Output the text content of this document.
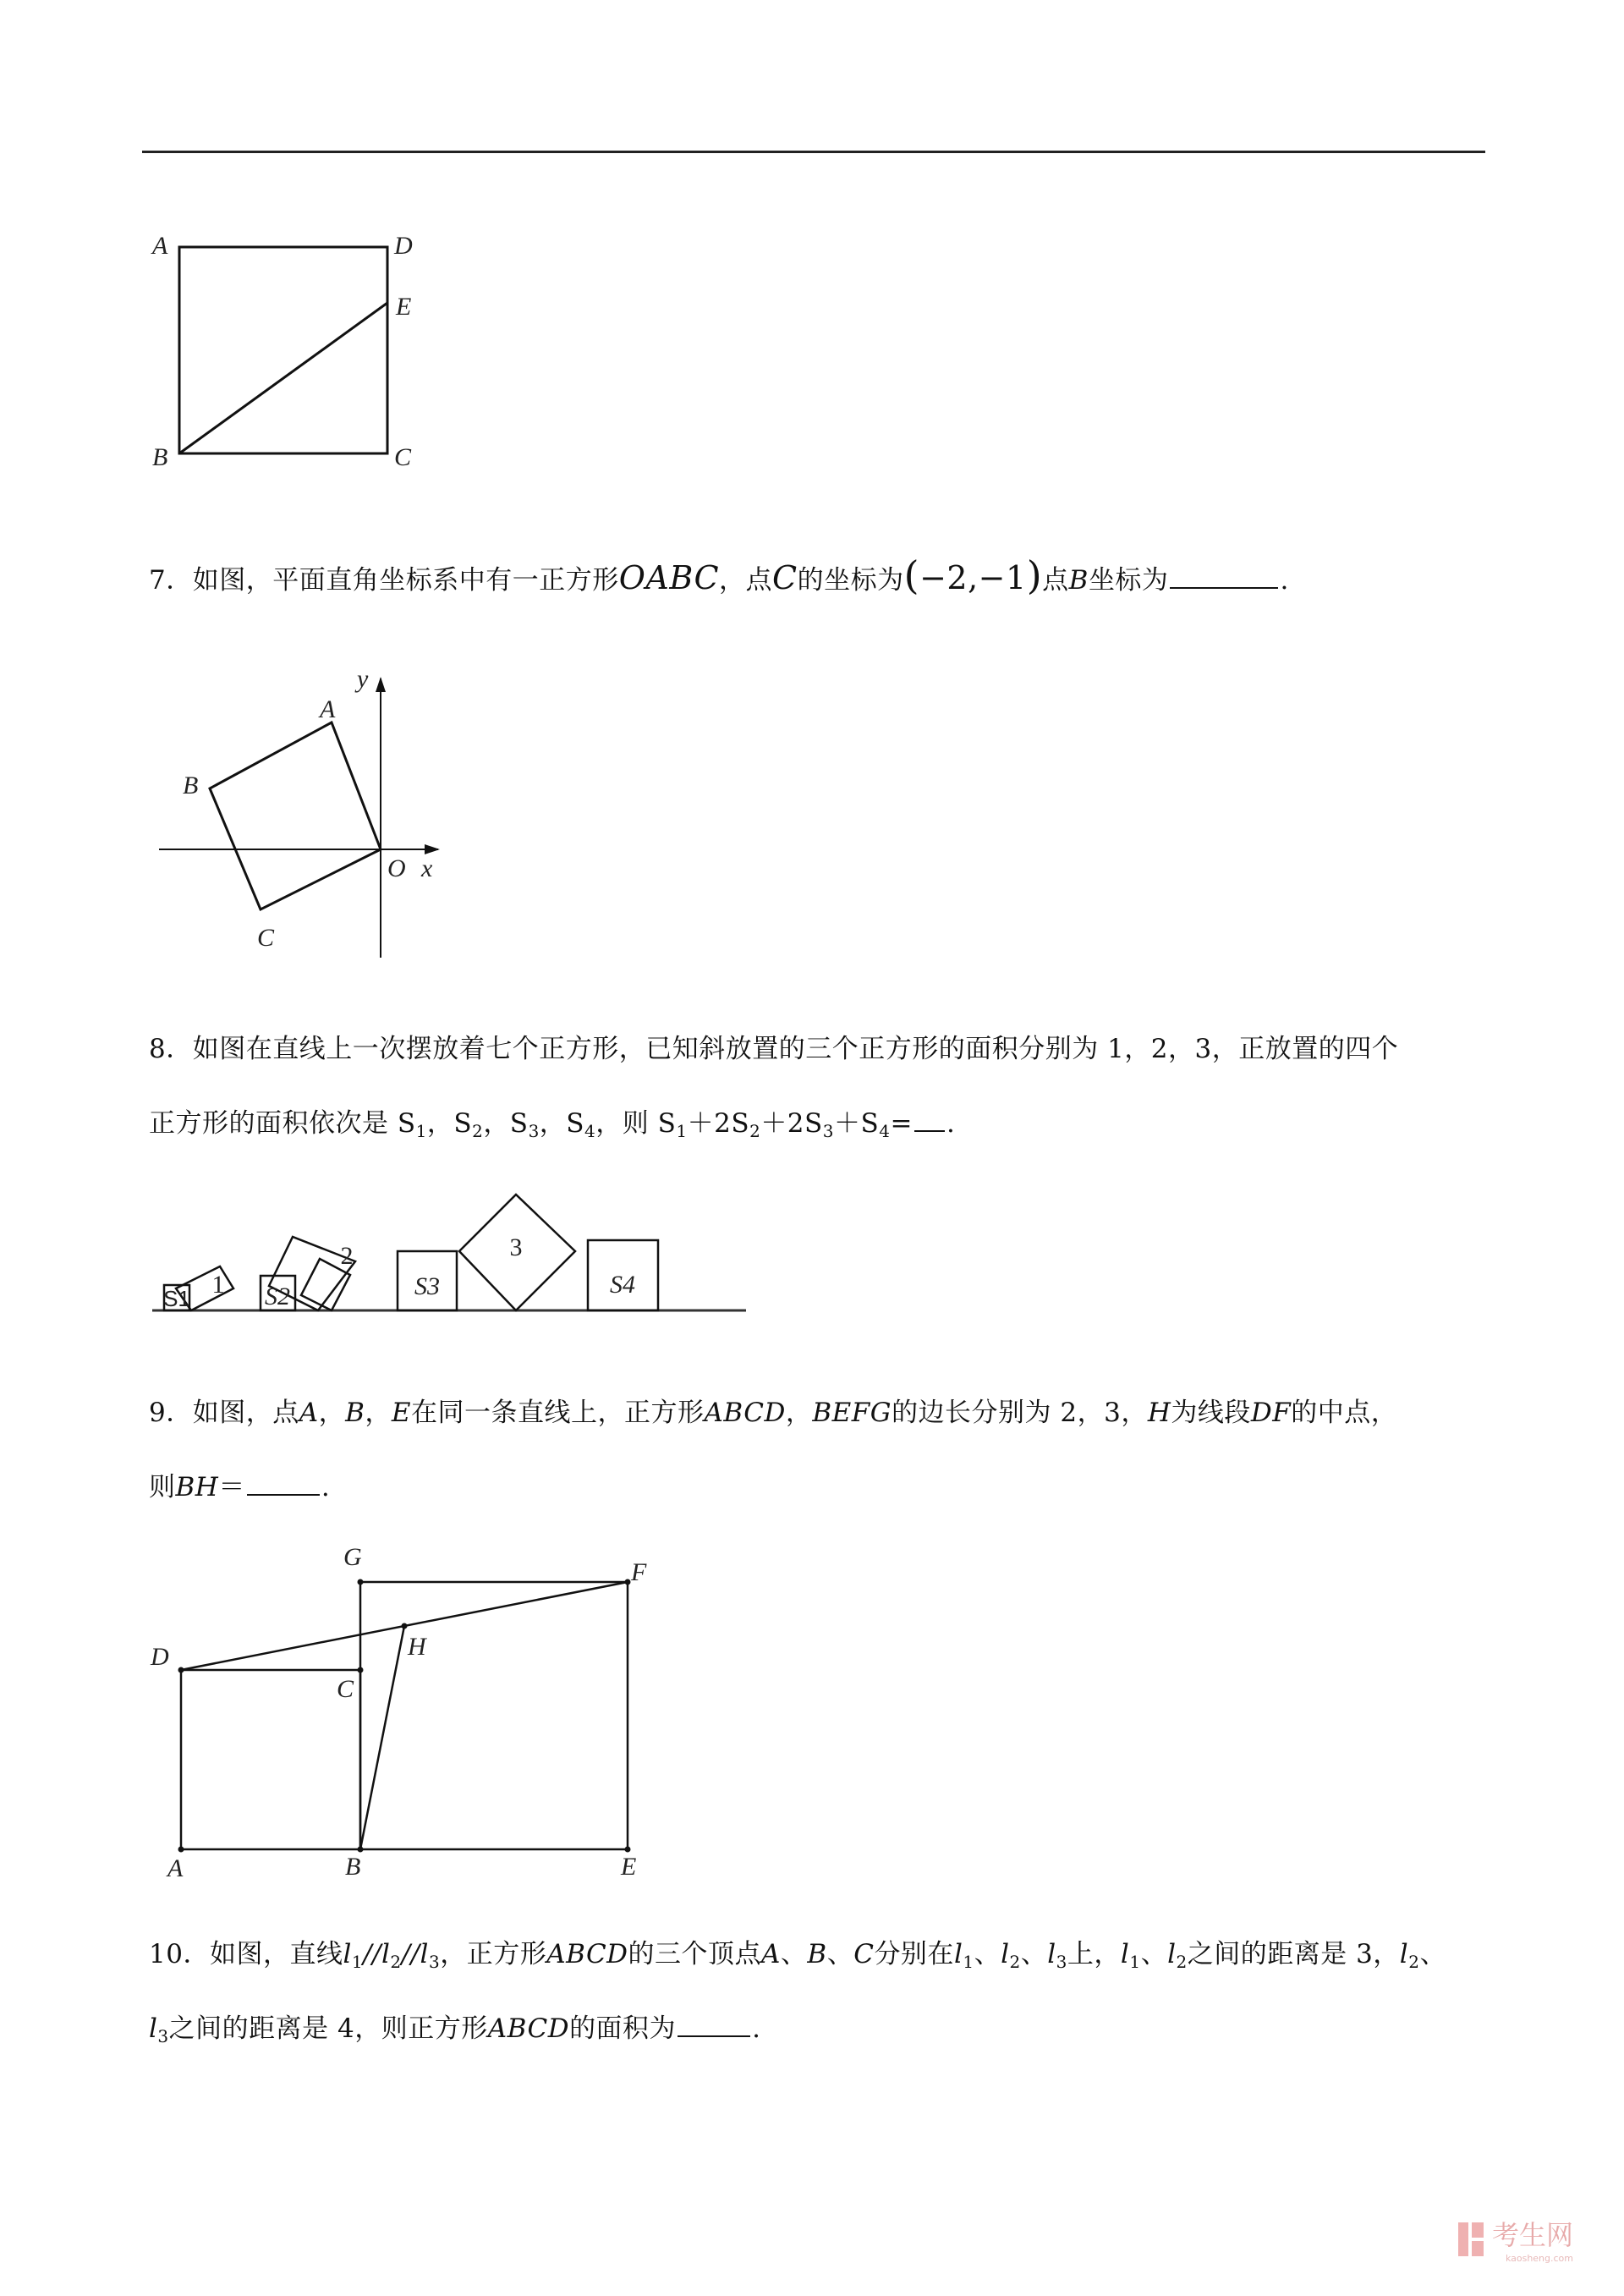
A	D
E
B	C
7．如图，平面直角坐标系中有一正方形OABC，点C的坐标为(−2,−1)点B坐标为	.
A
B
C
O x
y
8．如图在直线上一次摆放着七个正方形，已知斜放置的三个正方形的面积分别为 1，2，3，正放置的四个
正方形的面积依次是 $S_1$，$S_2$，$S_3$，$S_4$，则 $S_1+2S_2+2S_3+S_4=$ .
1
2	3
S1	S2	S3	S4
9．如图，点A，B，E在同一条直线上，正方形ABCD，BEFG的边长分别为 2，3，H为线段DF的中点，
则BH＝	.
A	B
C
D
E
F
G
H
10．如图，直线$l_1//l_2//l_3$，正方形ABCD的三个顶点A、B、C分别在$l_1$、$l_2$、$l_3$上，$l_1$、$l_2$之间的距离是 3，$l_2$、
$l_3$之间的距离是 4，则正方形ABCD的面积为	.
考生网
kaosheng.com
